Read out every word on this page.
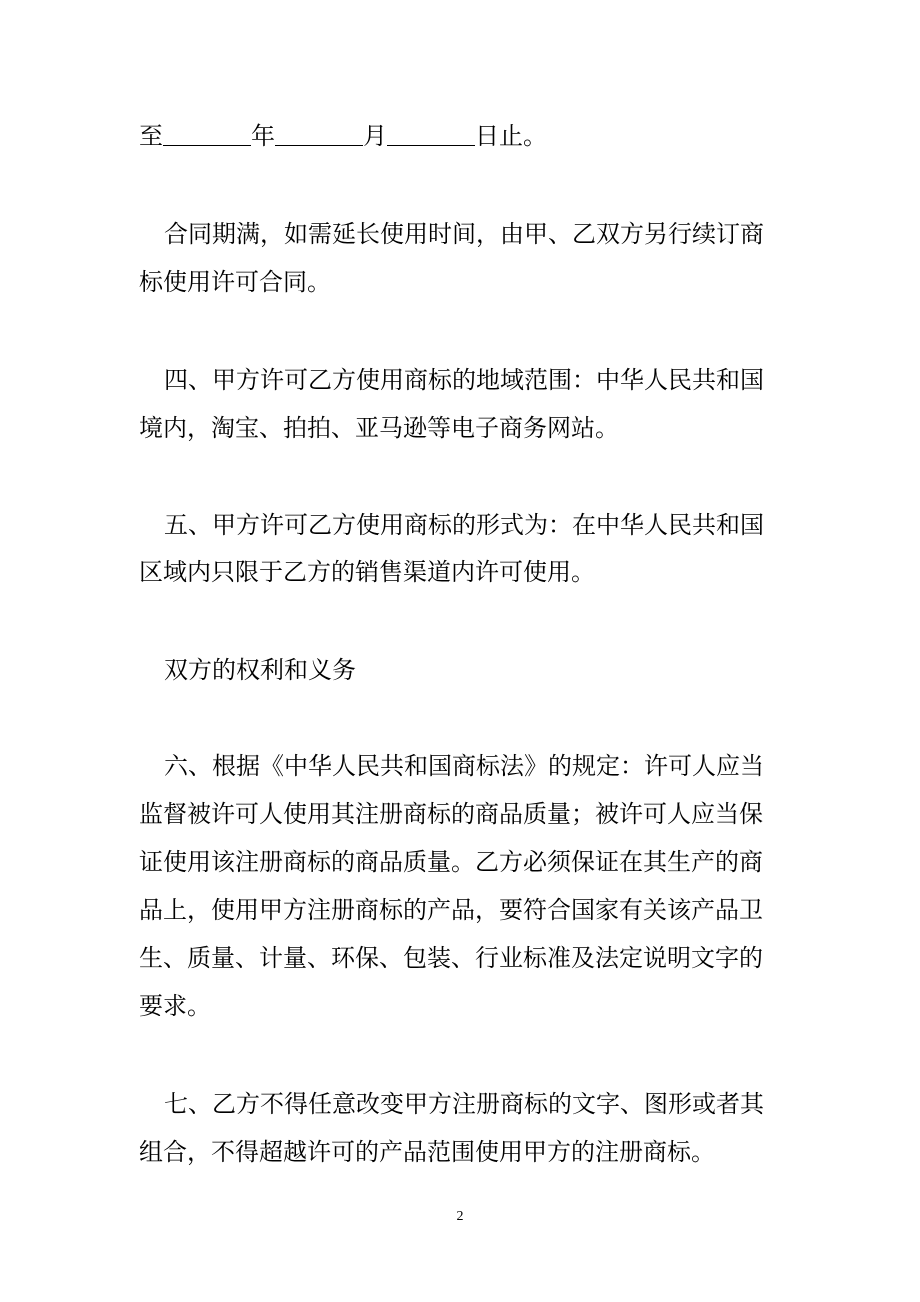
至	年	月	日止。
合同期满，如需延长使用时间，由甲、乙双方另行续订商
标使用许可合同。
四、甲方许可乙方使用商标的地域范围：中华人民共和国
境内，淘宝、拍拍、亚马逊等电子商务网站。
五、甲方许可乙方使用商标的形式为：在中华人民共和国
区域内只限于乙方的销售渠道内许可使用。
双方的权利和义务
六、根据《中华人民共和国商标法》的规定：许可人应当
监督被许可人使用其注册商标的商品质量；被许可人应当保
证使用该注册商标的商品质量。乙方必须保证在其生产的商
品上，使用甲方注册商标的产品，要符合国家有关该产品卫
生、质量、计量、环保、包装、行业标准及法定说明文字的
要求。
七、乙方不得任意改变甲方注册商标的文字、图形或者其
组合，不得超越许可的产品范围使用甲方的注册商标。
2
